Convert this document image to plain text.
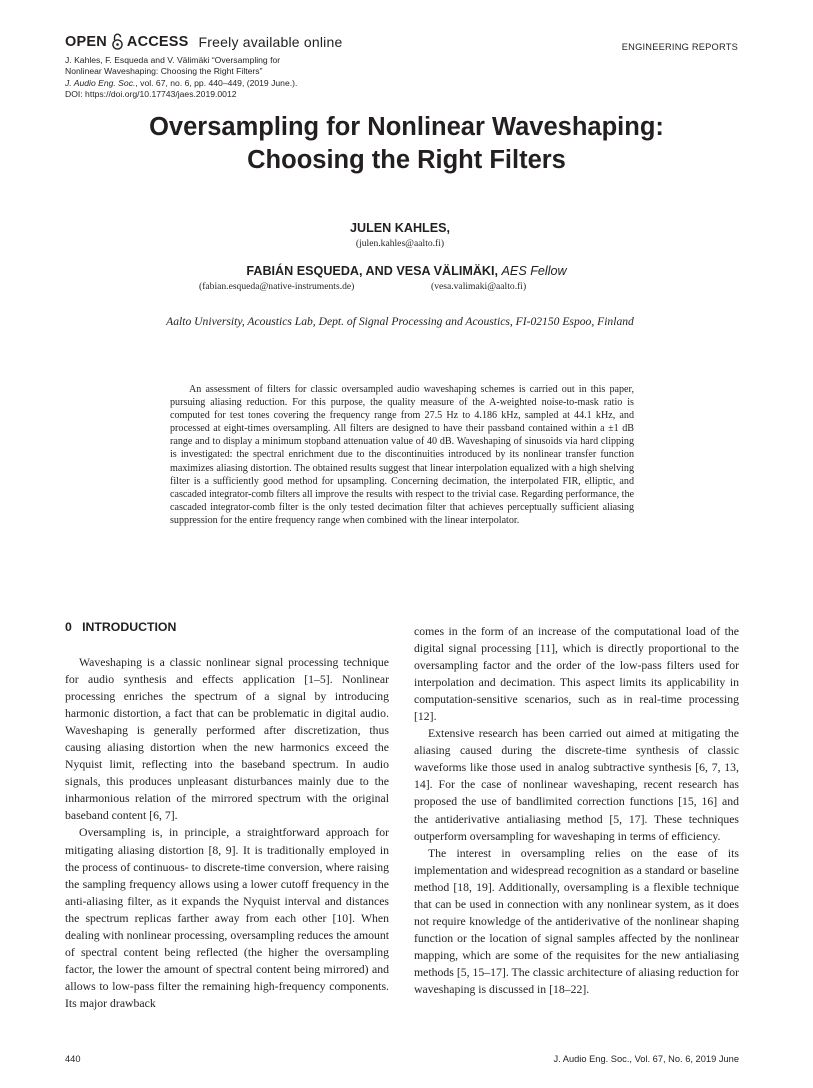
OPEN ACCESS Freely available online
J. Kahles, F. Esqueda and V. Välimäki “Oversampling for
Nonlinear Waveshaping: Choosing the Right Filters”
J. Audio Eng. Soc., vol. 67, no. 6, pp. 440–449, (2019 June.).
DOI: https://doi.org/10.17743/jaes.2019.0012
ENGINEERING REPORTS
Oversampling for Nonlinear Waveshaping:
Choosing the Right Filters
JULEN KAHLES,
(julen.kahles@aalto.fi)
FABIÁN ESQUEDA, AND VESA VÄLIMÄKI, AES Fellow
(fabian.esqueda@native-instruments.de)	(vesa.valimaki@aalto.fi)
Aalto University, Acoustics Lab, Dept. of Signal Processing and Acoustics, FI-02150 Espoo, Finland
An assessment of filters for classic oversampled audio waveshaping schemes is carried out in this paper, pursuing aliasing reduction. For this purpose, the quality measure of the A-weighted noise-to-mask ratio is computed for test tones covering the frequency range from 27.5 Hz to 4.186 kHz, sampled at 44.1 kHz, and processed at eight-times oversampling. All filters are designed to have their passband contained within a ±1 dB range and to display a minimum stopband attenuation value of 40 dB. Waveshaping of sinusoids via hard clipping is investigated: the spectral enrichment due to the discontinuities introduced by its nonlinear transfer function maximizes aliasing distortion. The obtained results suggest that linear interpolation equalized with a high shelving filter is a sufficiently good method for upsampling. Concerning decimation, the interpolated FIR, elliptic, and cascaded integrator-comb filters all improve the results with respect to the trivial case. Regarding performance, the cascaded integrator-comb filter is the only tested decimation filter that achieves perceptually sufficient aliasing suppression for the entire frequency range when combined with the linear interpolator.
0 INTRODUCTION

Waveshaping is a classic nonlinear signal processing technique for audio synthesis and effects application [1–5]. Nonlinear processing enriches the spectrum of a signal by introducing harmonic distortion, a fact that can be problematic in digital audio. Waveshaping is generally performed after discretization, thus causing aliasing distortion when the new harmonics exceed the Nyquist limit, reflecting into the baseband spectrum. In audio signals, this produces unpleasant disturbances mainly due to the inharmonious relation of the mirrored spectrum with the original baseband content [6, 7].

Oversampling is, in principle, a straightforward approach for mitigating aliasing distortion [8, 9]. It is traditionally employed in the process of continuous- to discrete-time conversion, where raising the sampling frequency allows using a lower cutoff frequency in the anti-aliasing filter, as it expands the Nyquist interval and distances the spectrum replicas farther away from each other [10]. When dealing with nonlinear processing, oversampling reduces the amount of spectral content being reflected (the higher the oversampling factor, the lower the amount of spectral content being mirrored) and allows to low-pass filter the remaining high-frequency components. Its major drawback

comes in the form of an increase of the computational load of the digital signal processing [11], which is directly proportional to the oversampling factor and the order of the low-pass filters used for interpolation and decimation. This aspect limits its applicability in computation-sensitive scenarios, such as in real-time processing [12].

Extensive research has been carried out aimed at mitigating the aliasing caused during the discrete-time synthesis of classic waveforms like those used in analog subtractive synthesis [6, 7, 13, 14]. For the case of nonlinear waveshaping, recent research has proposed the use of bandlimited correction functions [15, 16] and the antiderivative antialiasing method [5, 17]. These techniques outperform oversampling for waveshaping in terms of efficiency.

The interest in oversampling relies on the ease of its implementation and widespread recognition as a standard or baseline method [18, 19]. Additionally, oversampling is a flexible technique that can be used in connection with any nonlinear system, as it does not require knowledge of the antiderivative of the nonlinear shaping function or the location of signal samples affected by the nonlinear mapping, which are some of the requisites for the new antialiasing methods [5, 15–17]. The classic architecture of aliasing reduction for waveshaping is discussed in [18–22].

440	J. Audio Eng. Soc., Vol. 67, No. 6, 2019 June
